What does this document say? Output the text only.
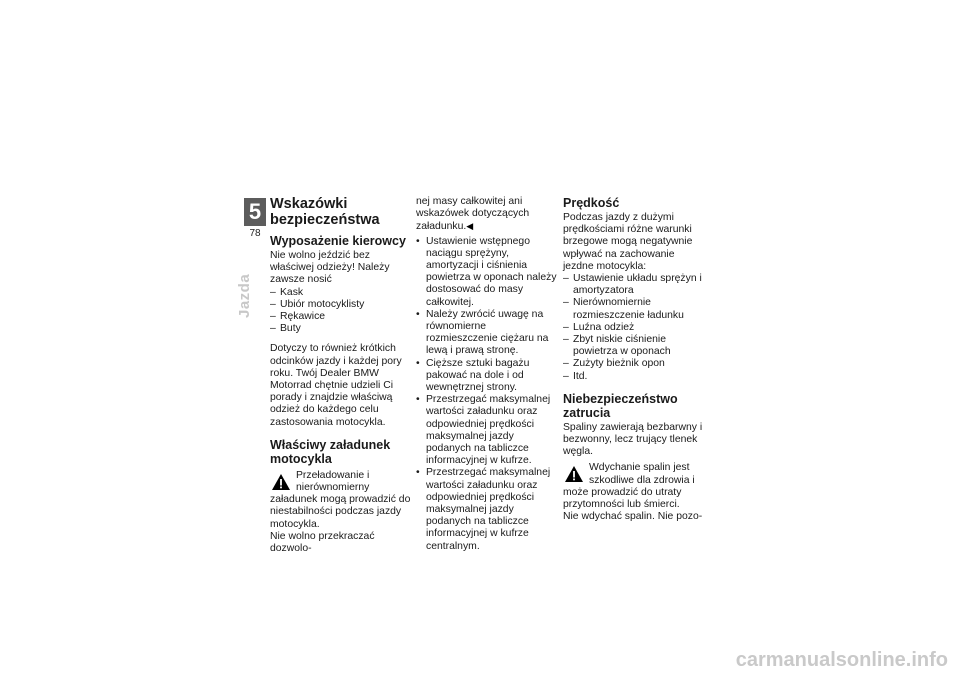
5
78
Jazda
Wskazówki bezpieczeństwa
Wyposażenie kierowcy

Nie wolno jeździć bez właściwej odzieży! Należy zawsze nosić

– Kask
– Ubiór motocyklisty
– Rękawice
– Buty

Dotyczy to również krótkich odcinków jazdy i każdej pory roku. Twój Dealer BMW Motorrad chętnie udzieli Ci porady i znajdzie właściwą odzież do każdego celu zastosowania motocykla.

Właściwy załadunek motocykla
Przeładowanie i nierównomierny załadunek mogą prowadzić do niestabilności podczas jazdy motocykla.

Nie wolno przekraczać dozwolo-

nej masy całkowitej ani wskazówek dotyczących załadunku.◀

• Ustawienie wstępnego naciągu sprężyny, amortyzacji i ciśnienia powietrza w oponach należy dostosować do masy całkowitej.
• Należy zwrócić uwagę na równomierne rozmieszczenie ciężaru na lewą i prawą stronę.
• Cięższe sztuki bagażu pakować na dole i od wewnętrznej strony.
• Przestrzegać maksymalnej wartości załadunku oraz odpowiedniej prędkości maksymalnej jazdy podanych na tabliczce informacyjnej w kufrze.
• Przestrzegać maksymalnej wartości załadunku oraz odpowiedniej prędkości maksymalnej jazdy podanych na tabliczce informacyjnej w kufrze centralnym.
Prędkość

Podczas jazdy z dużymi prędkościami różne warunki brzegowe mogą negatywnie wpływać na zachowanie jezdne motocykla:

– Ustawienie układu sprężyn i amortyzatora
– Nierównomiernie rozmieszczenie ładunku
– Luźna odzież
– Zbyt niskie ciśnienie powietrza w oponach
– Zużyty bieżnik opon
– Itd.
Niebezpieczeństwo zatrucia

Spaliny zawierają bezbarwny i bezwonny, lecz trujący tlenek węgla.

Wdychanie spalin jest szkodliwe dla zdrowia i może prowadzić do utraty przytomności lub śmierci.

Nie wdychać spalin. Nie pozo-

carmanualsonline.info
